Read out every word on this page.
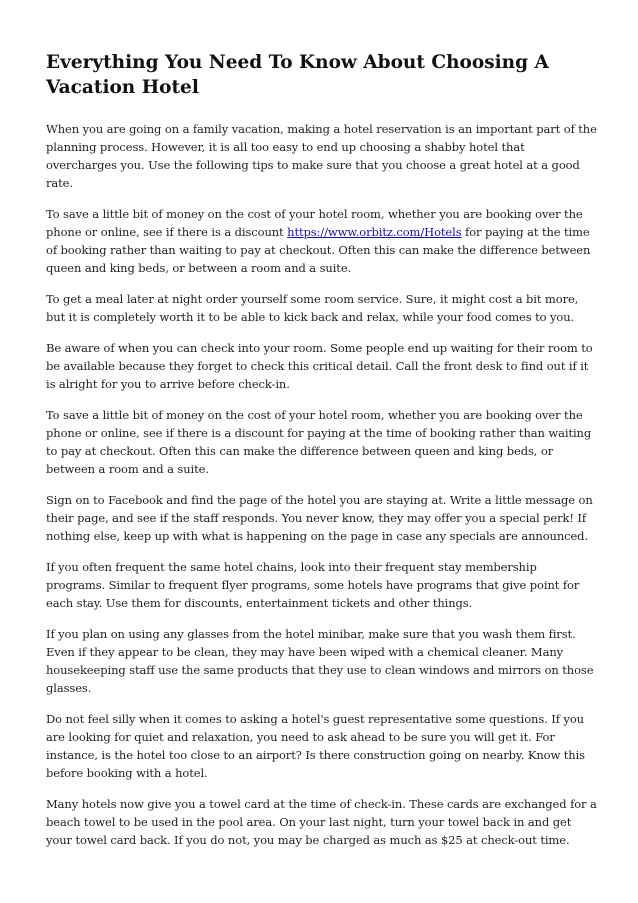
Everything You Need To Know About Choosing A Vacation Hotel

When you are going on a family vacation, making a hotel reservation is an important part of the planning process. However, it is all too easy to end up choosing a shabby hotel that overcharges you. Use the following tips to make sure that you choose a great hotel at a good rate.

To save a little bit of money on the cost of your hotel room, whether you are booking over the phone or online, see if there is a discount https://www.orbitz.com/Hotels for paying at the time of booking rather than waiting to pay at checkout. Often this can make the difference between queen and king beds, or between a room and a suite.

To get a meal later at night order yourself some room service. Sure, it might cost a bit more, but it is completely worth it to be able to kick back and relax, while your food comes to you.

Be aware of when you can check into your room. Some people end up waiting for their room to be available because they forget to check this critical detail. Call the front desk to find out if it is alright for you to arrive before check-in.

To save a little bit of money on the cost of your hotel room, whether you are booking over the phone or online, see if there is a discount for paying at the time of booking rather than waiting to pay at checkout. Often this can make the difference between queen and king beds, or between a room and a suite.

Sign on to Facebook and find the page of the hotel you are staying at. Write a little message on their page, and see if the staff responds. You never know, they may offer you a special perk! If nothing else, keep up with what is happening on the page in case any specials are announced.

If you often frequent the same hotel chains, look into their frequent stay membership programs. Similar to frequent flyer programs, some hotels have programs that give point for each stay. Use them for discounts, entertainment tickets and other things.

If you plan on using any glasses from the hotel minibar, make sure that you wash them first. Even if they appear to be clean, they may have been wiped with a chemical cleaner. Many housekeeping staff use the same products that they use to clean windows and mirrors on those glasses.

Do not feel silly when it comes to asking a hotel's guest representative some questions. If you are looking for quiet and relaxation, you need to ask ahead to be sure you will get it. For instance, is the hotel too close to an airport? Is there construction going on nearby. Know this before booking with a hotel.

Many hotels now give you a towel card at the time of check-in. These cards are exchanged for a beach towel to be used in the pool area. On your last night, turn your towel back in and get your towel card back. If you do not, you may be charged as much as $25 at check-out time.
